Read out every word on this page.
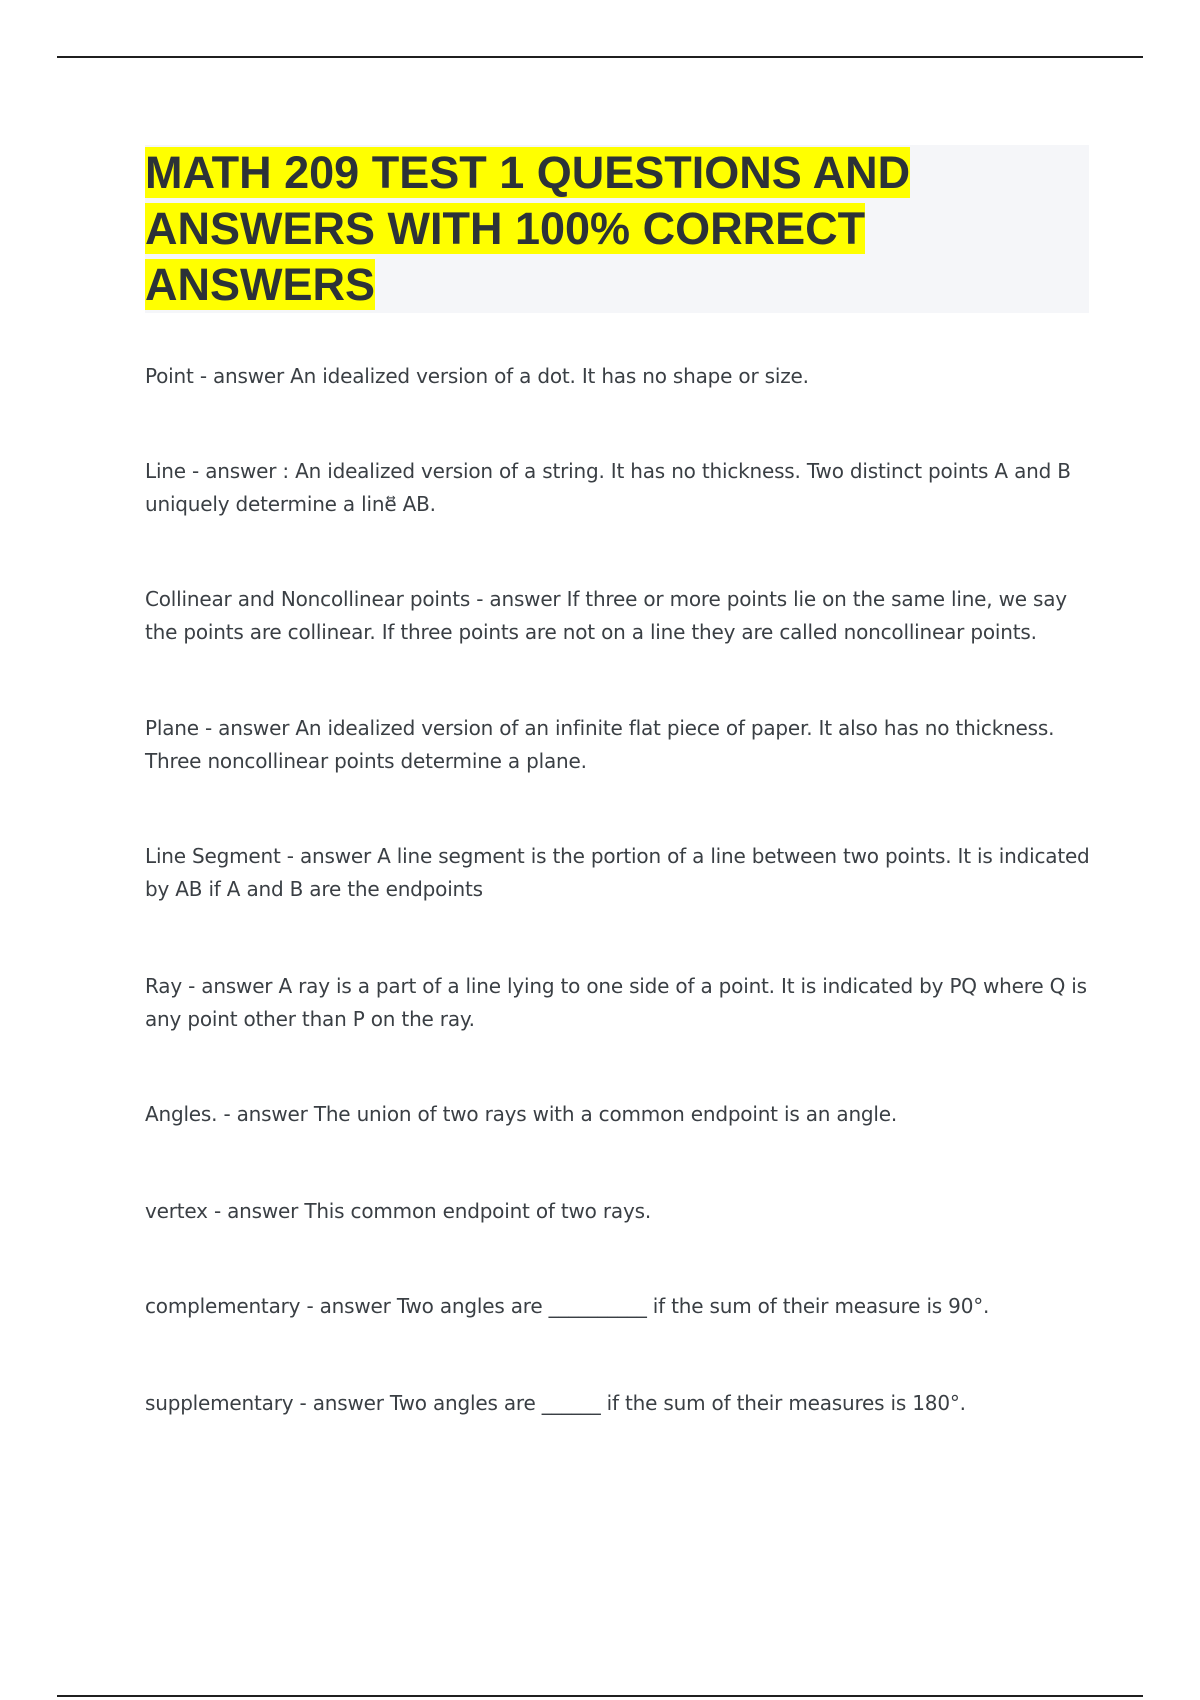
MATH 209 TEST 1 QUESTIONS AND ANSWERS WITH 100% CORRECT ANSWERS

Point - answer An idealized version of a dot. It has no shape or size.

Line - answer : An idealized version of a string. It has no thickness. Two distinct points A and B uniquely determine a line⃡ AB.

Collinear and Noncollinear points - answer If three or more points lie on the same line, we say the points are collinear. If three points are not on a line they are called noncollinear points.

Plane - answer An idealized version of an infinite flat piece of paper. It also has no thickness. Three noncollinear points determine a plane.

Line Segment - answer A line segment is the portion of a line between two points. It is indicated by AB if A and B are the endpoints

Ray - answer A ray is a part of a line lying to one side of a point. It is indicated by PQ where Q is any point other than P on the ray.

Angles. - answer The union of two rays with a common endpoint is an angle.

vertex - answer This common endpoint of two rays.

complementary - answer Two angles are __________ if the sum of their measure is 90°.

supplementary - answer Two angles are ______ if the sum of their measures is 180°.
